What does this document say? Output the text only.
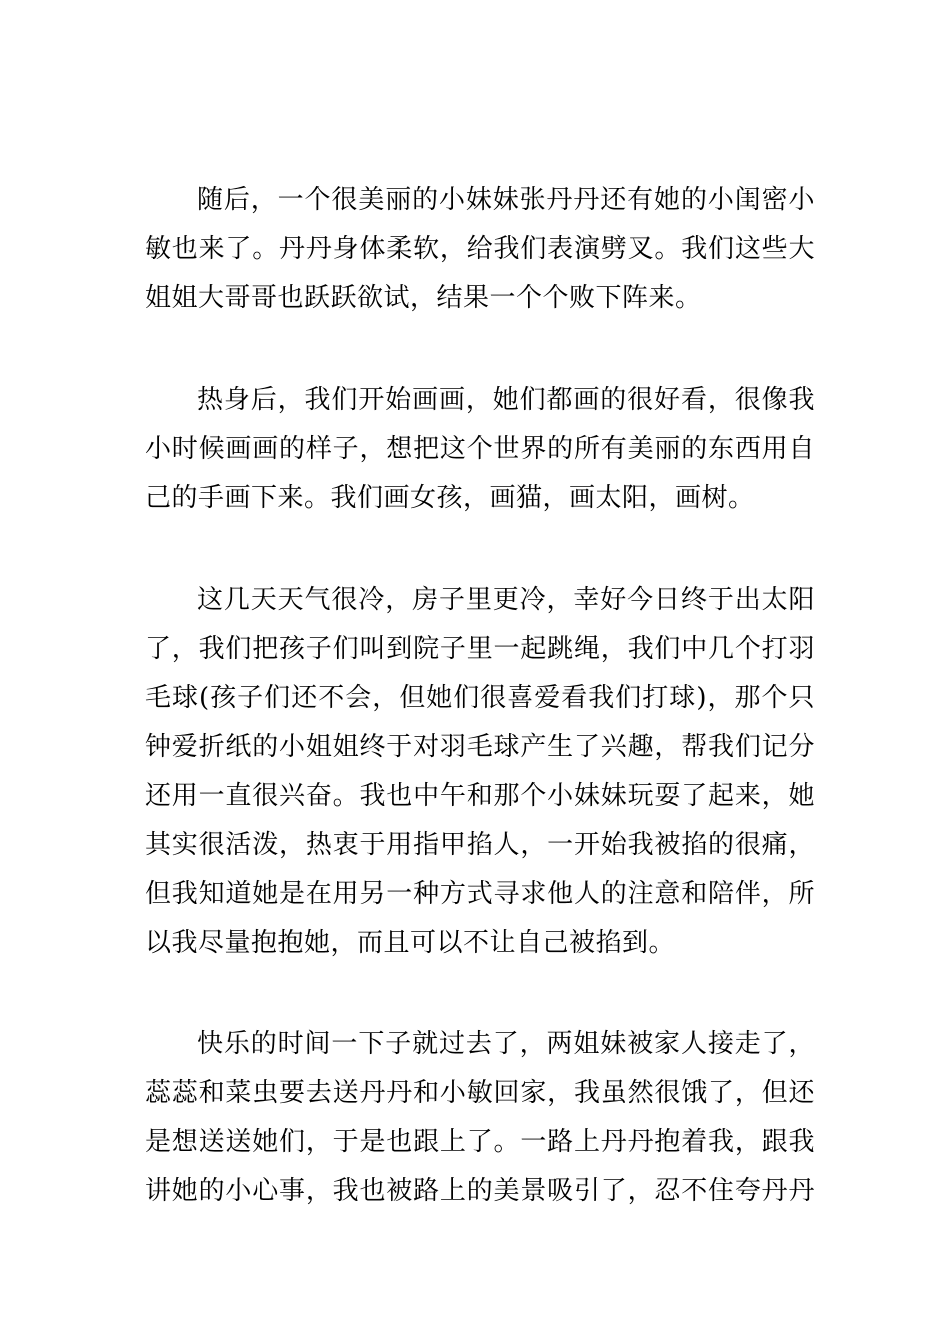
随后，一个很美丽的小妹妹张丹丹还有她的小闺密小
敏也来了。丹丹身体柔软，给我们表演劈叉。我们这些大
姐姐大哥哥也跃跃欲试，结果一个个败下阵来。
热身后，我们开始画画，她们都画的很好看，很像我
小时候画画的样子，想把这个世界的所有美丽的东西用自
己的手画下来。我们画女孩，画猫，画太阳，画树。
这几天天气很冷，房子里更冷，幸好今日终于出太阳
了，我们把孩子们叫到院子里一起跳绳，我们中几个打羽
毛球(孩子们还不会，但她们很喜爱看我们打球)，那个只
钟爱折纸的小姐姐终于对羽毛球产生了兴趣，帮我们记分
还用一直很兴奋。我也中午和那个小妹妹玩耍了起来，她
其实很活泼，热衷于用指甲掐人，一开始我被掐的很痛，
但我知道她是在用另一种方式寻求他人的注意和陪伴，所
以我尽量抱抱她，而且可以不让自己被掐到。
快乐的时间一下子就过去了，两姐妹被家人接走了，
蕊蕊和菜虫要去送丹丹和小敏回家，我虽然很饿了，但还
是想送送她们，于是也跟上了。一路上丹丹抱着我，跟我
讲她的小心事，我也被路上的美景吸引了，忍不住夸丹丹
